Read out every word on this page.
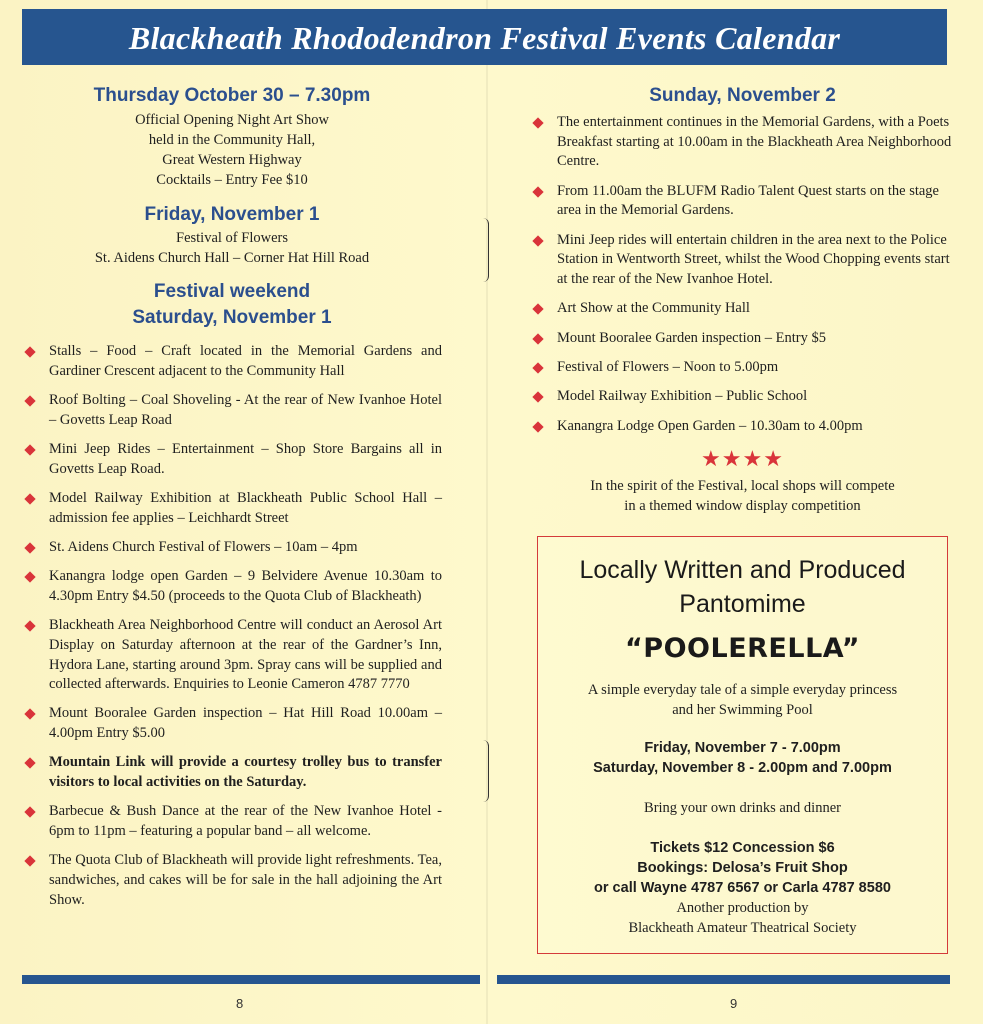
Blackheath Rhododendron Festival Events Calendar
Thursday October 30 – 7.30pm
Official Opening Night Art Show
held in the Community Hall,
Great Western Highway
Cocktails – Entry Fee $10
Friday, November 1
Festival of Flowers
St. Aidens Church Hall – Corner Hat Hill Road
Festival weekend
Saturday, November 1
Stalls – Food – Craft located in the Memorial Gardens and Gardiner Crescent adjacent to the Community Hall
Roof Bolting – Coal Shoveling - At the rear of New Ivanhoe Hotel – Govetts Leap Road
Mini Jeep Rides – Entertainment – Shop Store Bargains all in Govetts Leap Road.
Model Railway Exhibition at Blackheath Public School Hall – admission fee applies – Leichhardt Street
St. Aidens Church Festival of Flowers – 10am – 4pm
Kanangra lodge open Garden – 9 Belvidere Avenue 10.30am to 4.30pm Entry $4.50 (proceeds to the Quota Club of Blackheath)
Blackheath Area Neighborhood Centre will conduct an Aerosol Art Display on Saturday afternoon at the rear of the Gardner’s Inn, Hydora Lane, starting around 3pm. Spray cans will be supplied and collected afterwards. Enquiries to Leonie Cameron 4787 7770
Mount Booralee Garden inspection – Hat Hill Road 10.00am – 4.00pm Entry $5.00
Mountain Link will provide a courtesy trolley bus to transfer visitors to local activities on the Saturday.
Barbecue & Bush Dance at the rear of the New Ivanhoe Hotel - 6pm to 11pm – featuring a popular band – all welcome.
The Quota Club of Blackheath will provide light refreshments. Tea, sandwiches, and cakes will be for sale in the hall adjoining the Art Show.
Sunday, November 2
The entertainment continues in the Memorial Gardens, with a Poets Breakfast starting at 10.00am in the Blackheath Area Neighborhood Centre.
From 11.00am the BLUFM Radio Talent Quest starts on the stage area in the Memorial Gardens.
Mini Jeep rides will entertain children in the area next to the Police Station in Wentworth Street, whilst the Wood Chopping events start at the rear of the New Ivanhoe Hotel.
Art Show at the Community Hall
Mount Booralee Garden inspection – Entry $5
Festival of Flowers – Noon to 5.00pm
Model Railway Exhibition – Public School
Kanangra Lodge Open Garden – 10.30am to 4.00pm
★★★★
In the spirit of the Festival, local shops will compete
in a themed window display competition
Locally Written and Produced
Pantomime
“POOLERELLA”
A simple everyday tale of a simple everyday princess
and her Swimming Pool
Friday, November 7 - 7.00pm
Saturday, November 8 - 2.00pm and 7.00pm
Bring your own drinks and dinner
Tickets $12 Concession $6
Bookings: Delosa’s Fruit Shop
or call Wayne 4787 6567 or Carla 4787 8580
Another production by
Blackheath Amateur Theatrical Society
8	9
